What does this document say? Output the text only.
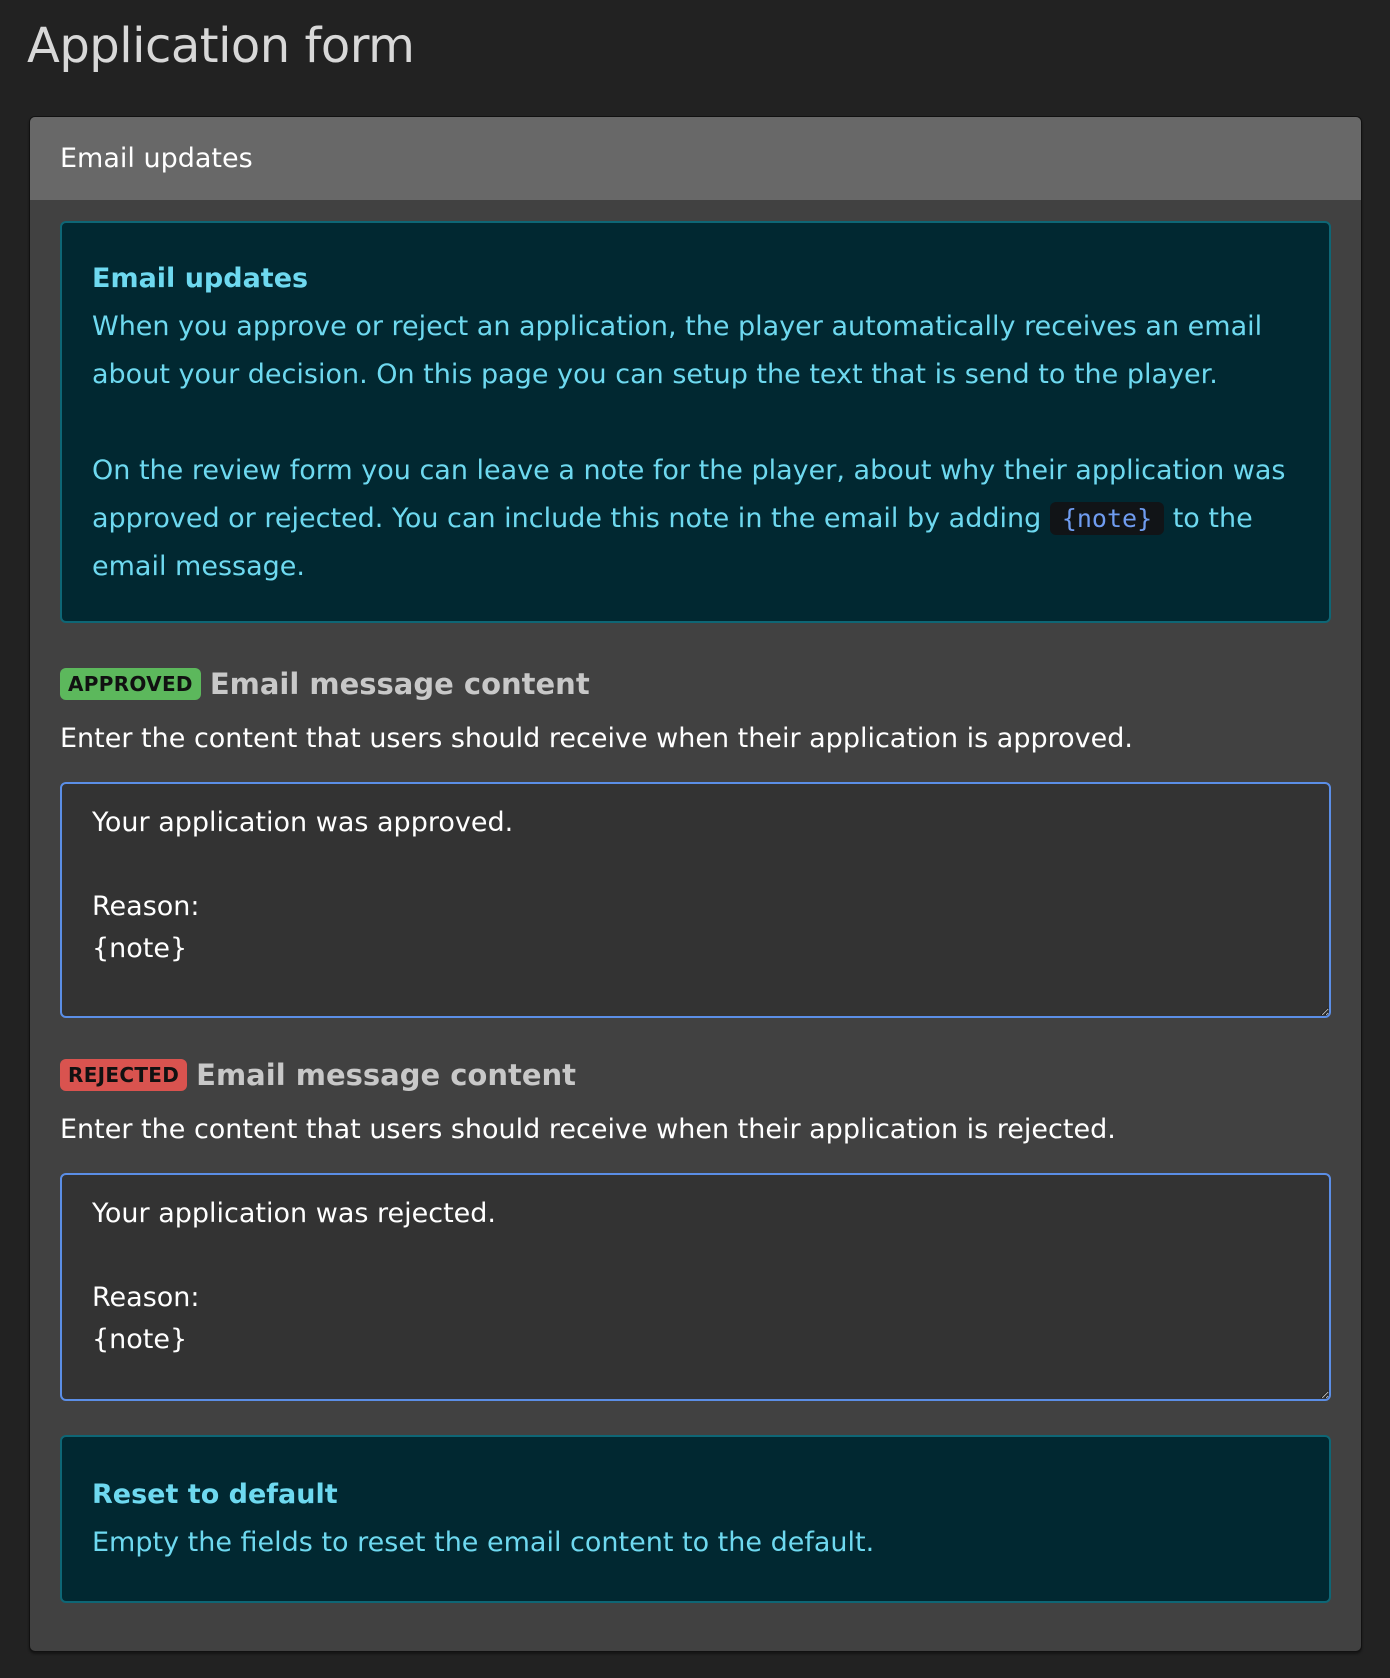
Application form
Email updates
Email updates
When you approve or reject an application, the player automatically receives an email about your decision. On this page you can setup the text that is send to the player.
On the review form you can leave a note for the player, about why their application was approved or rejected. You can include this note in the email by adding {note} to the email message.
APPROVED Email message content
Enter the content that users should receive when their application is approved.
Your application was approved. Reason: {note}
REJECTED Email message content
Enter the content that users should receive when their application is rejected.
Your application was rejected. Reason: {note}
Reset to default
Empty the fields to reset the email content to the default.
